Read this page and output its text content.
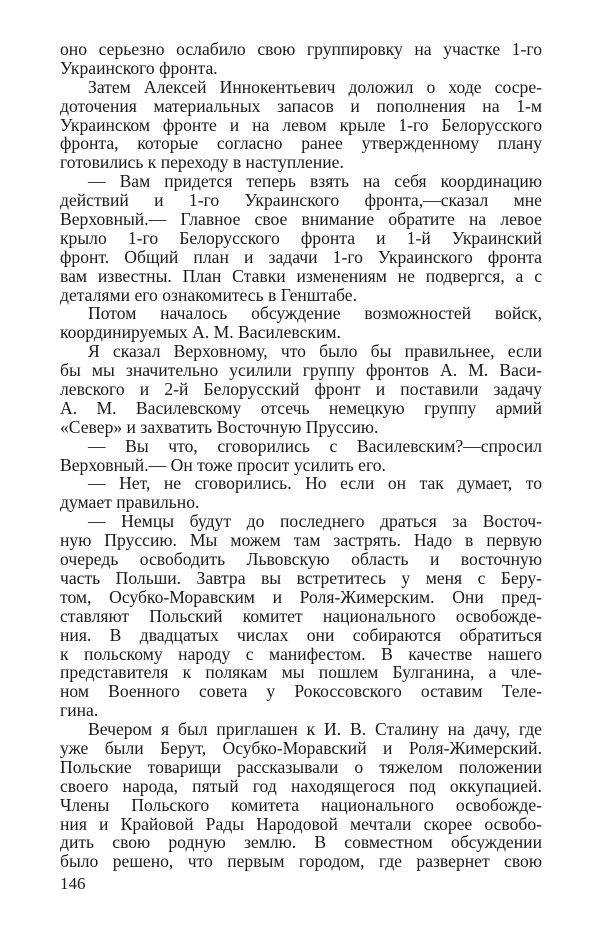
оно серьезно ослабило свою группировку на участке 1-го
Украинского фронта.
Затем Алексей Иннокентьевич доложил о ходе сосре-
доточения материальных запасов и пополнения на 1-м
Украинском фронте и на левом крыле 1-го Белорусского
фронта, которые согласно ранее утвержденному плану
готовились к переходу в наступление.
— Вам придется теперь взять на себя координацию
действий и 1-го Украинского фронта,—сказал мне
Верховный.— Главное свое внимание обратите на левое
крыло 1-го Белорусского фронта и 1-й Украинский
фронт. Общий план и задачи 1-го Украинского фронта
вам известны. План Ставки изменениям не подвергся, а с
деталями его ознакомитесь в Генштабе.
Потом началось обсуждение возможностей войск,
координируемых А. М. Василевским.
Я сказал Верховному, что было бы правильнее, если
бы мы значительно усилили группу фронтов А. М. Васи-
левского и 2-й Белорусский фронт и поставили задачу
А. М. Василевскому отсечь немецкую группу армий
«Север» и захватить Восточную Пруссию.
— Вы что, сговорились с Василевским?—спросил
Верховный.— Он тоже просит усилить его.
— Нет, не сговорились. Но если он так думает, то
думает правильно.
— Немцы будут до последнего драться за Восточ-
ную Пруссию. Мы можем там застрять. Надо в первую
очередь освободить Львовскую область и восточную
часть Польши. Завтра вы встретитесь у меня с Беру-
том, Осубко-Моравским и Роля-Жимерским. Они пред-
ставляют Польский комитет национального освобожде-
ния. В двадцатых числах они собираются обратиться
к польскому народу с манифестом. В качестве нашего
представителя к полякам мы пошлем Булганина, а чле-
ном Военного совета у Рокоссовского оставим Теле-
гина.
Вечером я был приглашен к И. В. Сталину на дачу, где
уже были Берут, Осубко-Моравский и Роля-Жимерский.
Польские товарищи рассказывали о тяжелом положении
своего народа, пятый год находящегося под оккупацией.
Члены Польского комитета национального освобожде-
ния и Крайовой Рады Народовой мечтали скорее освобо-
дить свою родную землю. В совместном обсуждении
было решено, что первым городом, где развернет свою
146
